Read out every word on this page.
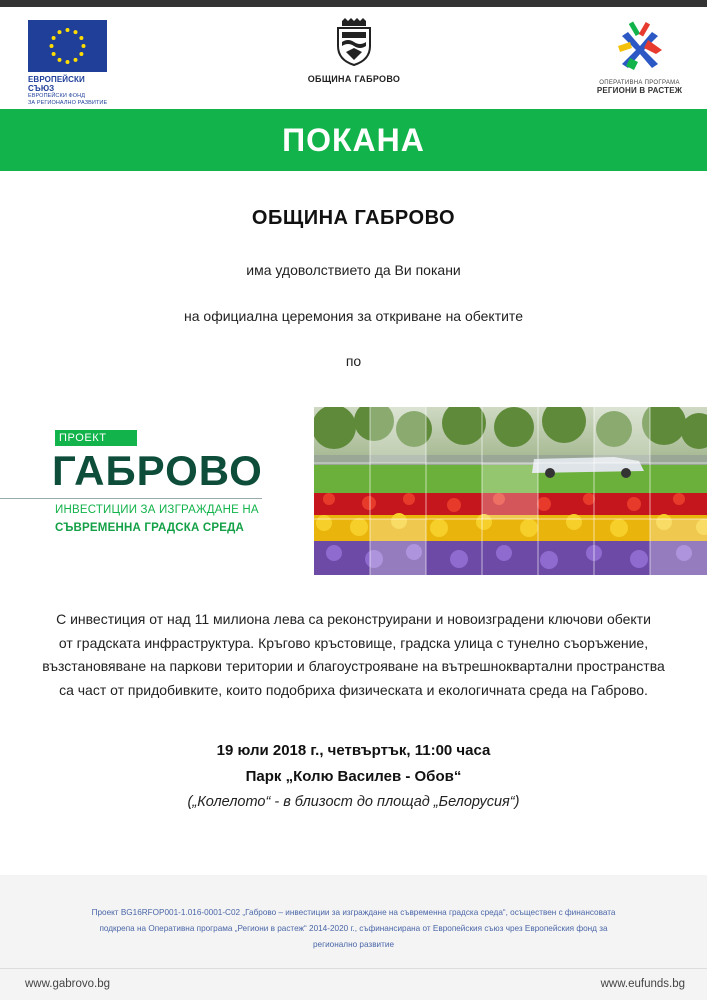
ЕВРОПЕЙСКИ СЪЮЗ
ЕВРОПЕЙСКИ ФОНД
ЗА РЕГИОНАЛНО РАЗВИТИЕ
ОБЩИНА ГАБРОВО	ОПЕРАТИВНА ПРОГРАМА
РЕГИОНИ В РАСТЕЖ
ПОКАНА
ОБЩИНА ГАБРОВО
има удоволствието да Ви покани
на официална церемония за откриване на обектите
по
ПРОЕКТ
ГАБРОВО
ИНВЕСТИЦИИ ЗА ИЗГРАЖДАНЕ НА
СЪВРЕМЕННА ГРАДСКА СРЕДА
С инвестиция от над 11 милиона лева са реконструирани и новоизградени ключови обекти
от градската инфраструктура. Кръгово кръстовище, градска улица с тунелно съоръжение,
възстановяване на паркови територии и благоустрояване на вътрешноквартални пространства
са част от придобивките, които подобриха физическата и екологичната среда на Габрово.
19 юли 2018 г., четвъртък, 11:00 часа
Парк „Колю Василев - Обов“
(„Колелото“ - в близост до площад „Белорусия“)
Проект BG16RFOP001-1.016-0001-C02 „Габрово – инвестиции за изграждане на съвременна градска среда“, осъществен с финансовата
подкрепа на Оперативна програма „Региони в растеж“ 2014-2020 г., съфинансирана от Европейския съюз чрез Европейския фонд за
регионално развитие
www.gabrovo.bg	www.eufunds.bg
